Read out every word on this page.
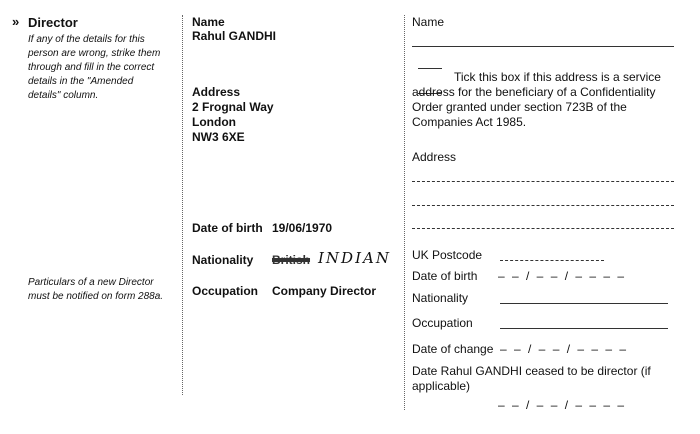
» Director
If any of the details for this person are wrong, strike them through and fill in the correct details in the "Amended details" column.
Particulars of a new Director must be notified on form 288a.
Name
Rahul GANDHI
Address
2 Frognal Way
London
NW3 6XE
Date of birth 19/06/1970
Nationality British INDIAN
Occupation Company Director
Name
Tick this box if this address is a service address for the beneficiary of a Confidentiality Order granted under section 723B of the Companies Act 1985.
Address
UK Postcode
Date of birth – – / – – / – – – –
Nationality
Occupation
Date of change – – / – – / – – – –
Date Rahul GANDHI ceased to be director (if applicable)
– – / – – / – – – –
